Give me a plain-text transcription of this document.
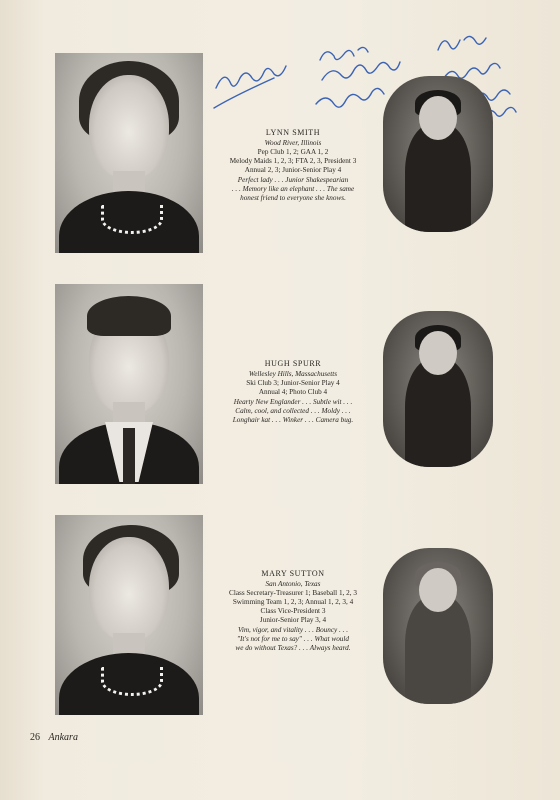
LYNN SMITH
Wood River, Illinois
Pep Club 1, 2; GAA 1, 2
Melody Maids 1, 2, 3; FTA 2, 3, President 3
Annual 2, 3; Junior-Senior Play 4
Perfect lady . . . Junior Shakespearian
. . . Memory like an elephant . . . The same
honest friend to everyone she knows.
HUGH SPURR
Wellesley Hills, Massachusetts
Ski Club 3; Junior-Senior Play 4
Annual 4; Photo Club 4
Hearty New Englander . . . Subtle wit . . .
Calm, cool, and collected . . . Moldy . . .
Longhair kat . . . Winker . . . Camera bug.
MARY SUTTON
San Antonio, Texas
Class Secretary-Treasurer 1; Baseball 1, 2, 3
Swimming Team 1, 2, 3; Annual 1, 2, 3, 4
Class Vice-President 3
Junior-Senior Play 3, 4
Vim, vigor, and vitality . . . Bouncy . . .
"It's not for me to say" . . . What would
we do without Texas? . . . Always heard.
26 Ankara
